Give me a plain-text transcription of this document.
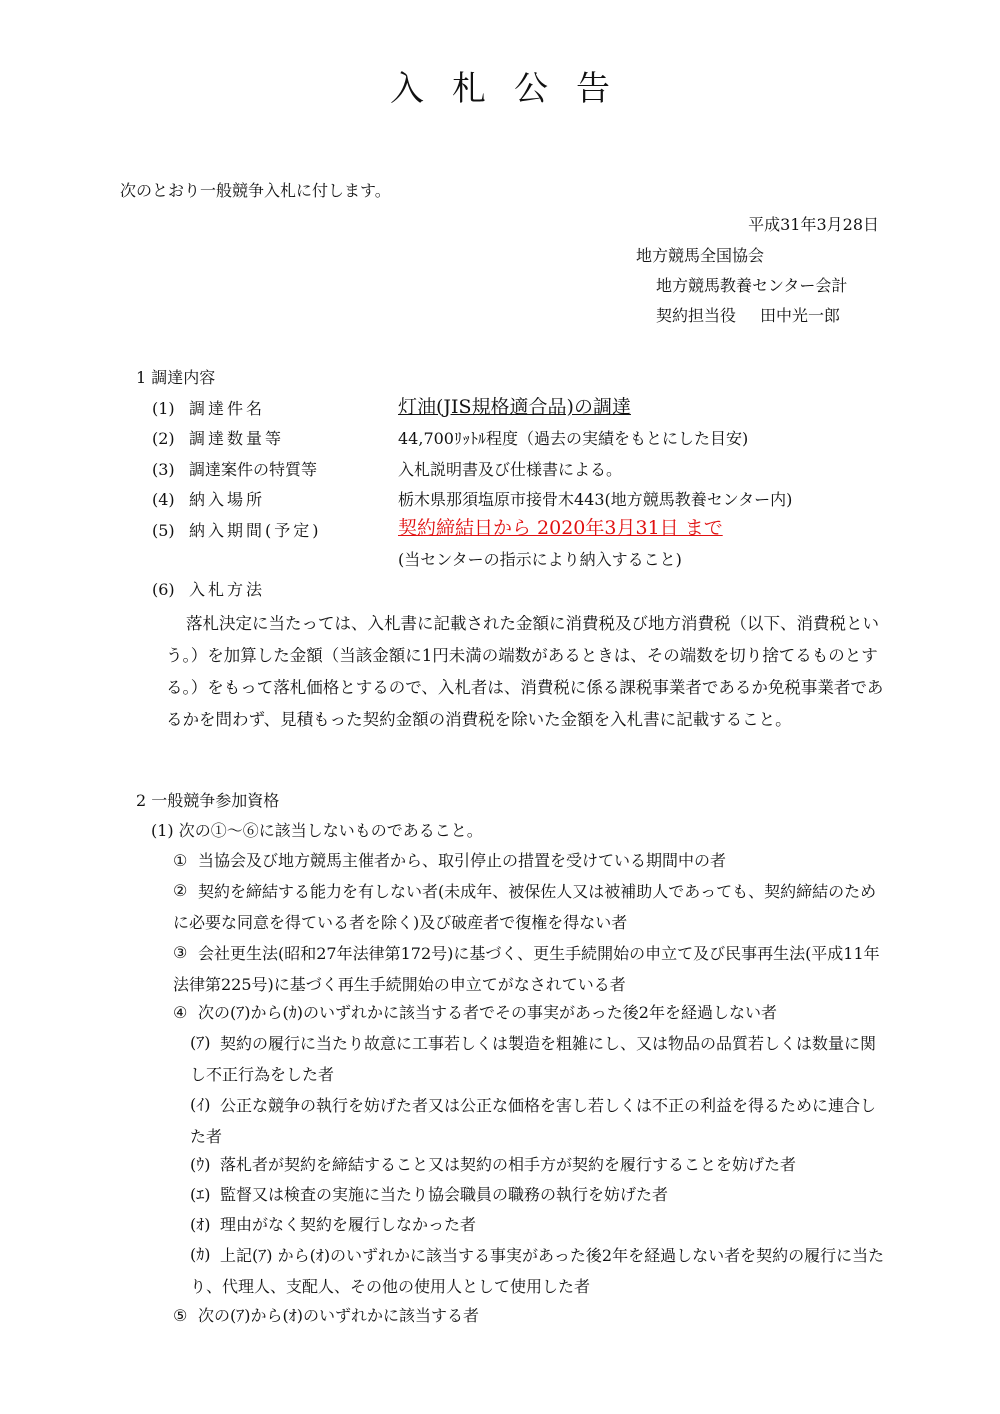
入札公告
次のとおり一般競争入札に付します。
平成31年3月28日
地方競馬全国協会
地方競馬教養センター会計
契約担当役 田中光一郎
1 調達内容
(1) 調達件名	灯油(JIS規格適合品)の調達
(2) 調達数量等	44,700ﾘｯﾄﾙ程度（過去の実績をもとにした目安)
(3) 調達案件の特質等	入札説明書及び仕様書による。
(4) 納入場所	栃木県那須塩原市接骨木443(地方競馬教養センター内)
(5) 納入期間(予定)	契約締結日から 2020年3月31日 まで
(当センターの指示により納入すること)
(6) 入札方法
落札決定に当たっては、入札書に記載された金額に消費税及び地方消費税（以下、消費税という。）を加算した金額（当該金額に1円未満の端数があるときは、その端数を切り捨てるものとする。）をもって落札価格とするので、入札者は、消費税に係る課税事業者であるか免税事業者であるかを問わず、見積もった契約金額の消費税を除いた金額を入札書に記載すること。
2 一般競争参加資格
(1) 次の①～⑥に該当しないものであること。
① 当協会及び地方競馬主催者から、取引停止の措置を受けている期間中の者
② 契約を締結する能力を有しない者(未成年、被保佐人又は被補助人であっても、契約締結のために必要な同意を得ている者を除く)及び破産者で復権を得ない者
③ 会社更生法(昭和27年法律第172号)に基づく、更生手続開始の申立て及び民事再生法(平成11年法律第225号)に基づく再生手続開始の申立てがなされている者
④ 次の(ｱ)から(ｶ)のいずれかに該当する者でその事実があった後2年を経過しない者
(ｱ) 契約の履行に当たり故意に工事若しくは製造を粗雑にし、又は物品の品質若しくは数量に関し不正行為をした者
(ｲ) 公正な競争の執行を妨げた者又は公正な価格を害し若しくは不正の利益を得るために連合した者
(ｳ) 落札者が契約を締結すること又は契約の相手方が契約を履行することを妨げた者
(ｴ) 監督又は検査の実施に当たり協会職員の職務の執行を妨げた者
(ｵ) 理由がなく契約を履行しなかった者
(ｶ) 上記(ｱ) から(ｵ)のいずれかに該当する事実があった後2年を経過しない者を契約の履行に当たり、代理人、支配人、その他の使用人として使用した者
⑤ 次の(ｱ)から(ｵ)のいずれかに該当する者
